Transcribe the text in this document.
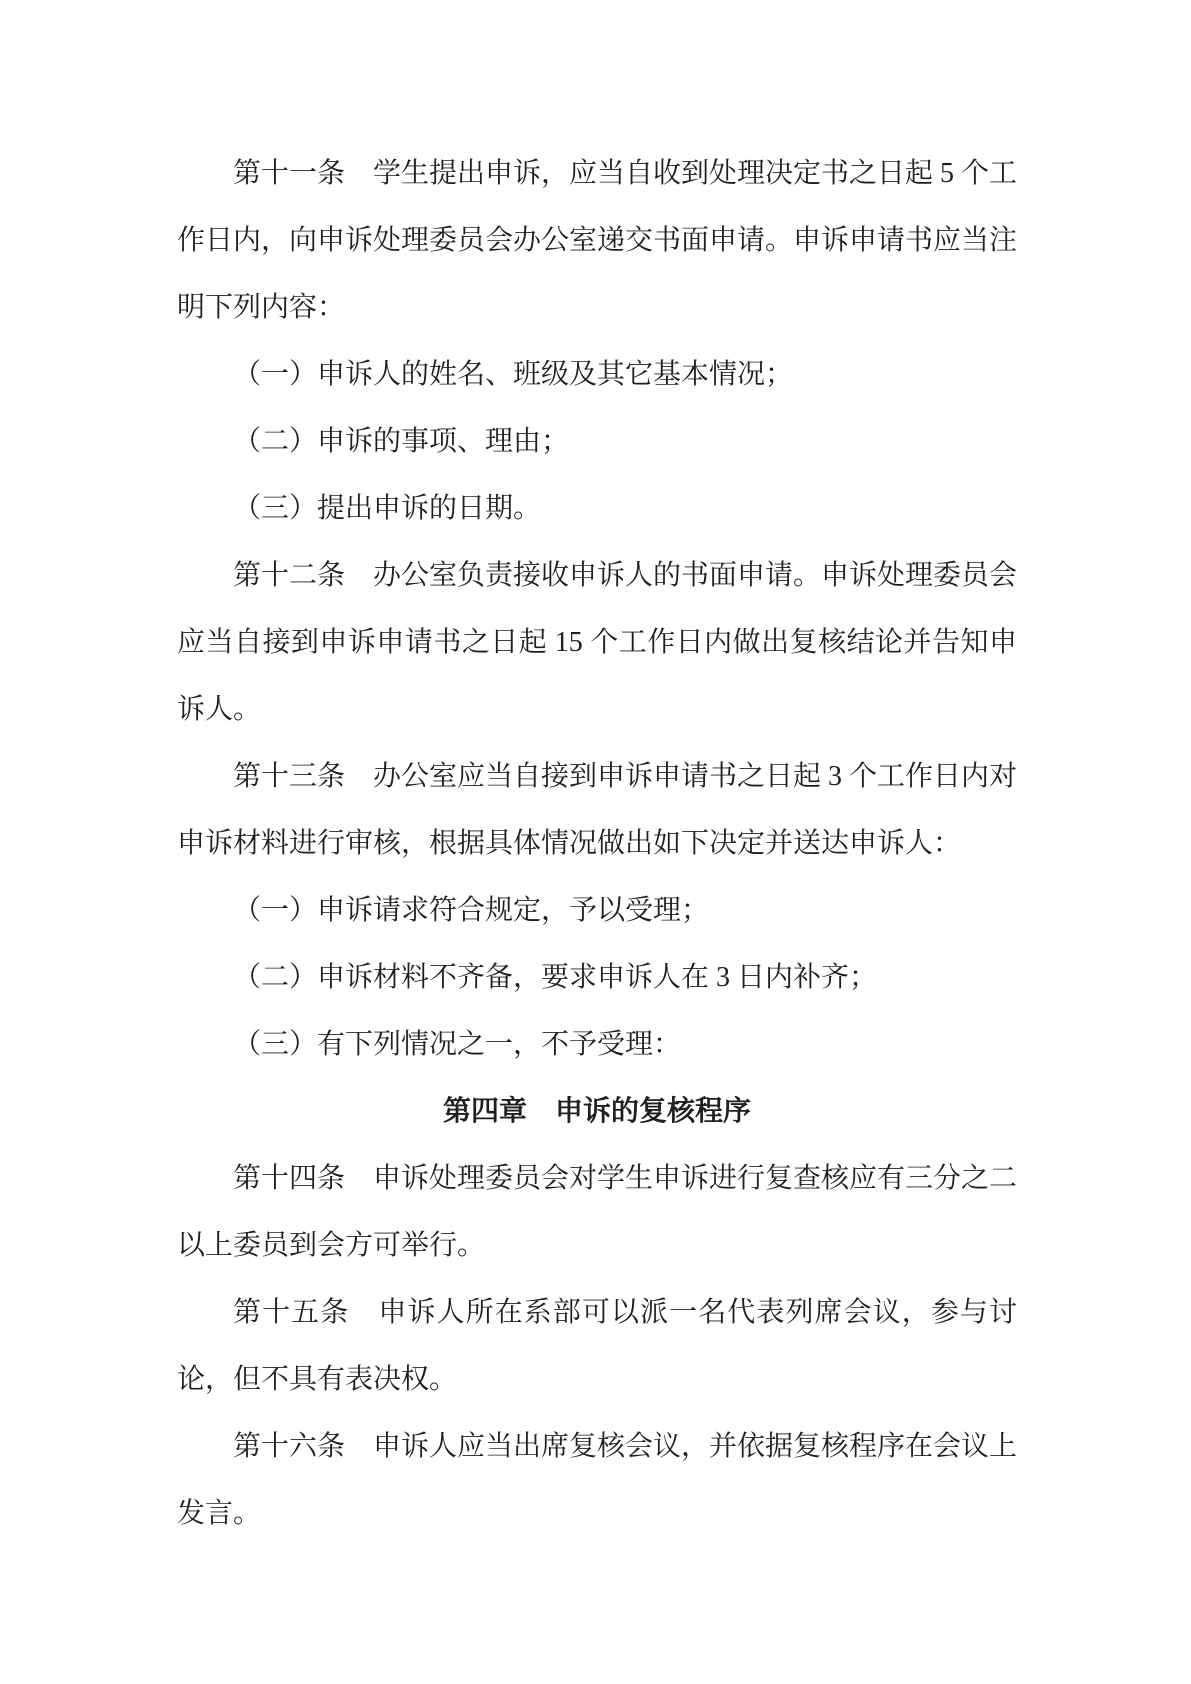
第十一条　学生提出申诉，应当自收到处理决定书之日起 5 个工作日内，向申诉处理委员会办公室递交书面申请。申诉申请书应当注明下列内容：

（一）申诉人的姓名、班级及其它基本情况；

（二）申诉的事项、理由；

（三）提出申诉的日期。

第十二条　办公室负责接收申诉人的书面申请。申诉处理委员会应当自接到申诉申请书之日起 15 个工作日内做出复核结论并告知申诉人。

第十三条　办公室应当自接到申诉申请书之日起 3 个工作日内对申诉材料进行审核，根据具体情况做出如下决定并送达申诉人：

（一）申诉请求符合规定，予以受理；

（二）申诉材料不齐备，要求申诉人在 3 日内补齐；

（三）有下列情况之一，不予受理：

第四章　申诉的复核程序

第十四条　申诉处理委员会对学生申诉进行复查核应有三分之二以上委员到会方可举行。

第十五条　申诉人所在系部可以派一名代表列席会议，参与讨论，但不具有表决权。

第十六条　申诉人应当出席复核会议，并依据复核程序在会议上发言。
